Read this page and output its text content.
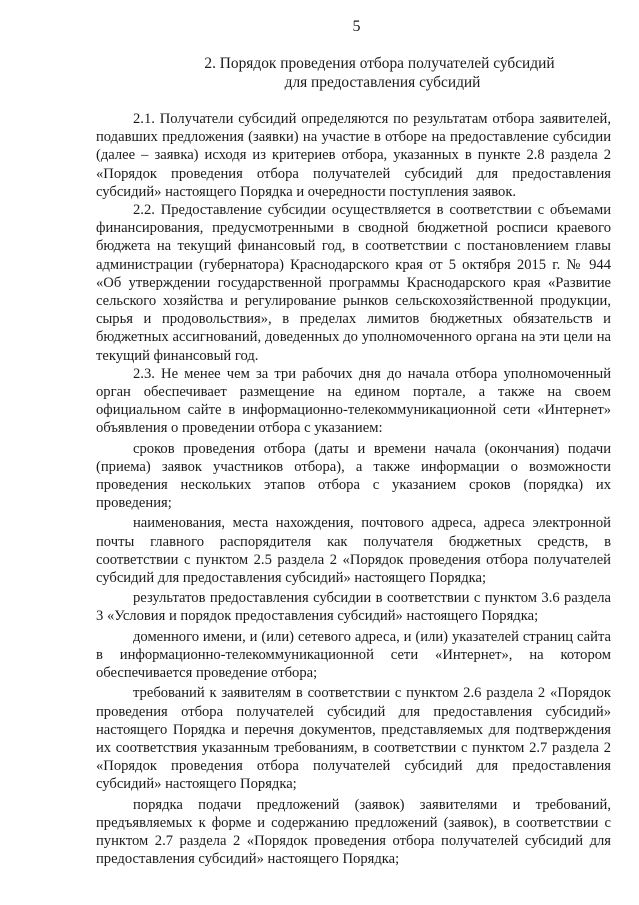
5
2. Порядок проведения отбора получателей субсидий
для предоставления субсидий

2.1. Получатели субсидий определяются по результатам отбора заявителей, подавших предложения (заявки) на участие в отборе на предоставление субсидии (далее – заявка) исходя из критериев отбора, указанных в пункте 2.8 раздела 2 «Порядок проведения отбора получателей субсидий для предоставления субсидий» настоящего Порядка и очередности поступления заявок.

2.2. Предоставление субсидии осуществляется в соответствии с объемами финансирования, предусмотренными в сводной бюджетной росписи краевого бюджета на текущий финансовый год, в соответствии с постановлением главы администрации (губернатора) Краснодарского края от 5 октября 2015 г. № 944 «Об утверждении государственной программы Краснодарского края «Развитие сельского хозяйства и регулирование рынков сельскохозяйственной продукции, сырья и продовольствия», в пределах лимитов бюджетных обязательств и бюджетных ассигнований, доведенных до уполномоченного органа на эти цели на текущий финансовый год.

2.3. Не менее чем за три рабочих дня до начала отбора уполномоченный орган обеспечивает размещение на едином портале, а также на своем официальном сайте в информационно-телекоммуникационной сети «Интернет» объявления о проведении отбора с указанием:

сроков проведения отбора (даты и времени начала (окончания) подачи (приема) заявок участников отбора), а также информации о возможности проведения нескольких этапов отбора с указанием сроков (порядка) их проведения;

наименования, места нахождения, почтового адреса, адреса электронной почты главного распорядителя как получателя бюджетных средств, в соответствии с пунктом 2.5 раздела 2 «Порядок проведения отбора получателей субсидий для предоставления субсидий» настоящего Порядка;

результатов предоставления субсидии в соответствии с пунктом 3.6 раздела 3 «Условия и порядок предоставления субсидий» настоящего Порядка;

доменного имени, и (или) сетевого адреса, и (или) указателей страниц сайта в информационно-телекоммуникационной сети «Интернет», на котором обеспечивается проведение отбора;

требований к заявителям в соответствии с пунктом 2.6 раздела 2 «Порядок проведения отбора получателей субсидий для предоставления субсидий» настоящего Порядка и перечня документов, представляемых для подтверждения их соответствия указанным требованиям, в соответствии с пунктом 2.7 раздела 2 «Порядок проведения отбора получателей субсидий для предоставления субсидий» настоящего Порядка;

порядка подачи предложений (заявок) заявителями и требований, предъявляемых к форме и содержанию предложений (заявок), в соответствии с пунктом 2.7 раздела 2 «Порядок проведения отбора получателей субсидий для предоставления субсидий» настоящего Порядка;
